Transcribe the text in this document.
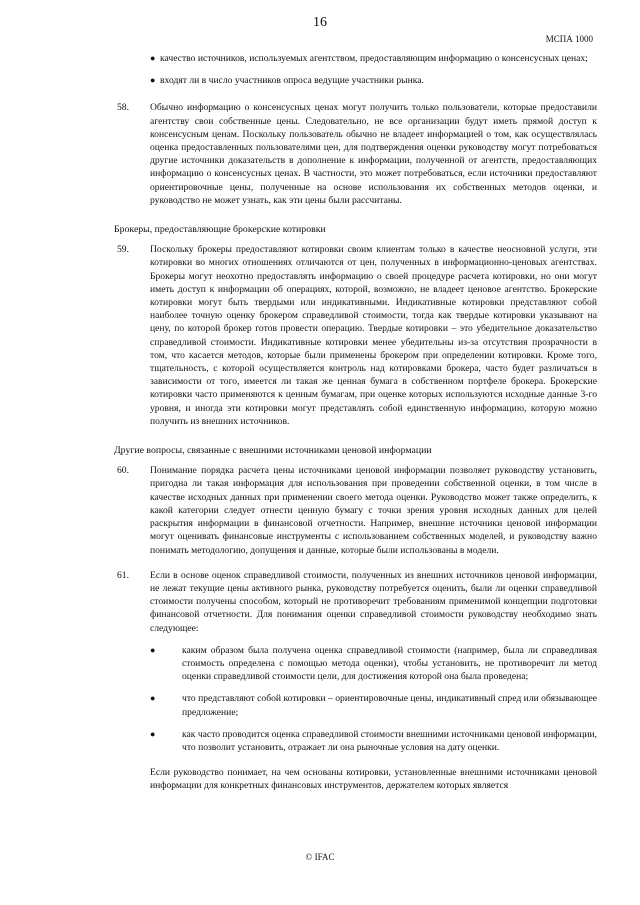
16
МСПА 1000
● качество источников, используемых агентством, предоставляющим информацию о консенсусных ценах;

● входят ли в число участников опроса ведущие участники рынка.

58. Обычно информацию о консенсусных ценах могут получить только пользователи, которые предоставили агентству свои собственные цены. Следовательно, не все организации будут иметь прямой доступ к консенсусным ценам. Поскольку пользователь обычно не владеет информацией о том, как осуществлялась оценка предоставленных пользователями цен, для подтверждения оценки руководству могут потребоваться другие источники доказательств в дополнение к информации, полученной от агентств, предоставляющих информацию о консенсусных ценах. В частности, это может потребоваться, если источники предоставляют ориентировочные цены, полученные на основе использования их собственных методов оценки, и руководство не может узнать, как эти цены были рассчитаны.

Брокеры, предоставляющие брокерские котировки
59. Поскольку брокеры предоставляют котировки своим клиентам только в качестве неосновной услуги, эти котировки во многих отношениях отличаются от цен, полученных в информационно-ценовых агентствах. Брокеры могут неохотно предоставлять информацию о своей процедуре расчета котировки, но они могут иметь доступ к информации об операциях, которой, возможно, не владеет ценовое агентство. Брокерские котировки могут быть твердыми или индикативными. Индикативные котировки представляют собой наиболее точную оценку брокером справедливой стоимости, тогда как твердые котировки указывают на цену, по которой брокер готов провести операцию. Твердые котировки – это убедительное доказательство справедливой стоимости. Индикативные котировки менее убедительны из-за отсутствия прозрачности в том, что касается методов, которые были применены брокером при определении котировки. Кроме того, тщательность, с которой осуществляется контроль над котировками брокера, часто будет различаться в зависимости от того, имеется ли такая же ценная бумага в собственном портфеле брокера. Брокерские котировки часто применяются к ценным бумагам, при оценке которых используются исходные данные 3-го уровня, и иногда эти котировки могут представлять собой единственную информацию, которую можно получить из внешних источников.

Другие вопросы, связанные с внешними источниками ценовой информации
60. Понимание порядка расчета цены источниками ценовой информации позволяет руководству установить, пригодна ли такая информация для использования при проведении собственной оценки, в том числе в качестве исходных данных при применении своего метода оценки. Руководство может также определить, к какой категории следует отнести ценную бумагу с точки зрения уровня исходных данных для целей раскрытия информации в финансовой отчетности. Например, внешние источники ценовой информации могут оценивать финансовые инструменты с использованием собственных моделей, и руководству важно понимать методологию, допущения и данные, которые были использованы в модели.

61. Если в основе оценок справедливой стоимости, полученных из внешних источников ценовой информации, не лежат текущие цены активного рынка, руководству потребуется оценить, были ли оценки справедливой стоимости получены способом, который не противоречит требованиям применимой концепции подготовки финансовой отчетности. Для понимания оценки справедливой стоимости руководству необходимо знать следующее:

●	каким образом была получена оценка справедливой стоимости (например, была ли справедливая стоимость определена с помощью метода оценки), чтобы установить, не противоречит ли метод оценки справедливой стоимости цели, для достижения которой она была проведена;

●	что представляют собой котировки – ориентировочные цены, индикативный спред или обязывающее предложение;

●	как часто проводится оценка справедливой стоимости внешними источниками ценовой информации, что позволит установить, отражает ли она рыночные условия на дату оценки.

Если руководство понимает, на чем основаны котировки, установленные внешними источниками ценовой информации для конкретных финансовых инструментов, держателем которых является

© IFAC
